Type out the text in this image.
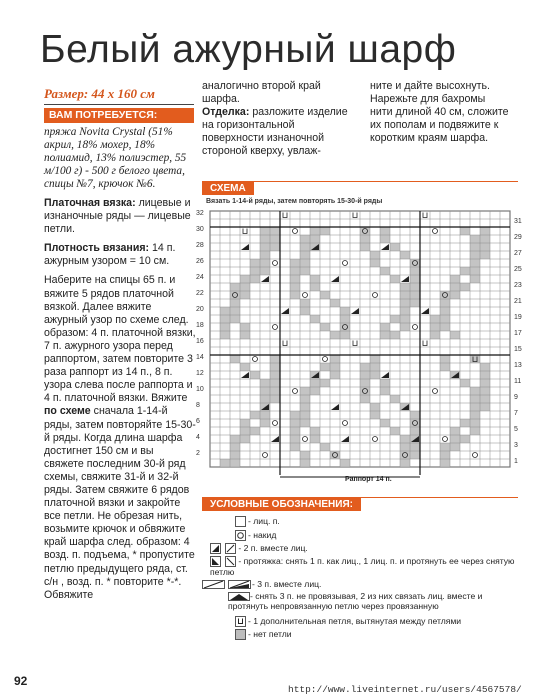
Белый ажурный шарф
Размер: 44 х 160 см
ВАМ ПОТРЕБУЕТСЯ:

пряжа Novita Crystal (51% акрил, 18% мохер, 18% полиамид, 13% полиэстер, 55 м/100 г) - 500 г белого цвета, спицы №7, крючок №6.

Платочная вязка: лицевые и изнаночные ряды — лицевые петли.

Плотность вязания: 14 п. ажурным узором = 10 см.

Наберите на спицы 65 п. и вяжите 5 рядов платочной вязкой. Далее вяжите ажурный узор по схеме след. образом: 4 п. платочной вязки, 7 п. ажурного узора перед раппортом, затем повторите 3 раза раппорт из 14 п., 8 п. узора слева после раппорта и 4 п. платочной вязки. Вяжите по схеме сначала 1-14-й ряды, затем повторяйте 15-30-й ряды. Когда длина шарфа достигнет 150 см и вы свяжете последним 30-й ряд схемы, свяжите 31-й и 32-й ряды. Затем свяжите 6 рядов платочной вязки и закройте все петли. Не обрезая нить, возьмите крючок и обвяжите край шарфа след. образом: 4 возд. п. подъема, * пропустите петлю предыдущего ряда, ст. с/н , возд. п. * повторите *-*. Обвяжите

аналогично второй край шарфа.

Отделка: разложите изделие на горизонтальной поверхности изнаночной стороной кверху, увлаж-

ните и дайте высохнуть. Нарежьте для бахромы нити длиной 40 см, сложите их пополам и подвяжите к коротким краям шарфа.

СХЕМА
Вязать 1-14-й ряды, затем повторять 15-30-й ряды
32
30
28
26
24
22
20
18
16
14
12
10
8
6
4
2
31
29
27
25
23
21
19
17
15
13
11
9
7
5
3
1
Раппорт 14 п.
УСЛОВНЫЕ ОБОЗНАЧЕНИЯ:
- лиц. п.
- накид

- 2 п. вместе лиц.

- протяжка: снять 1 п. как лиц., 1 лиц. п. и протянуть ее через снятую петлю
- 3 п. вместе лиц.
- снять 3 п. не провязывая, 2 из них связать лиц. вместе и протянуть непровязанную петлю через провязанную
- 1 дополнительная петля, вытянутая между петлями
- нет петли
92
http://www.liveinternet.ru/users/4567578/
